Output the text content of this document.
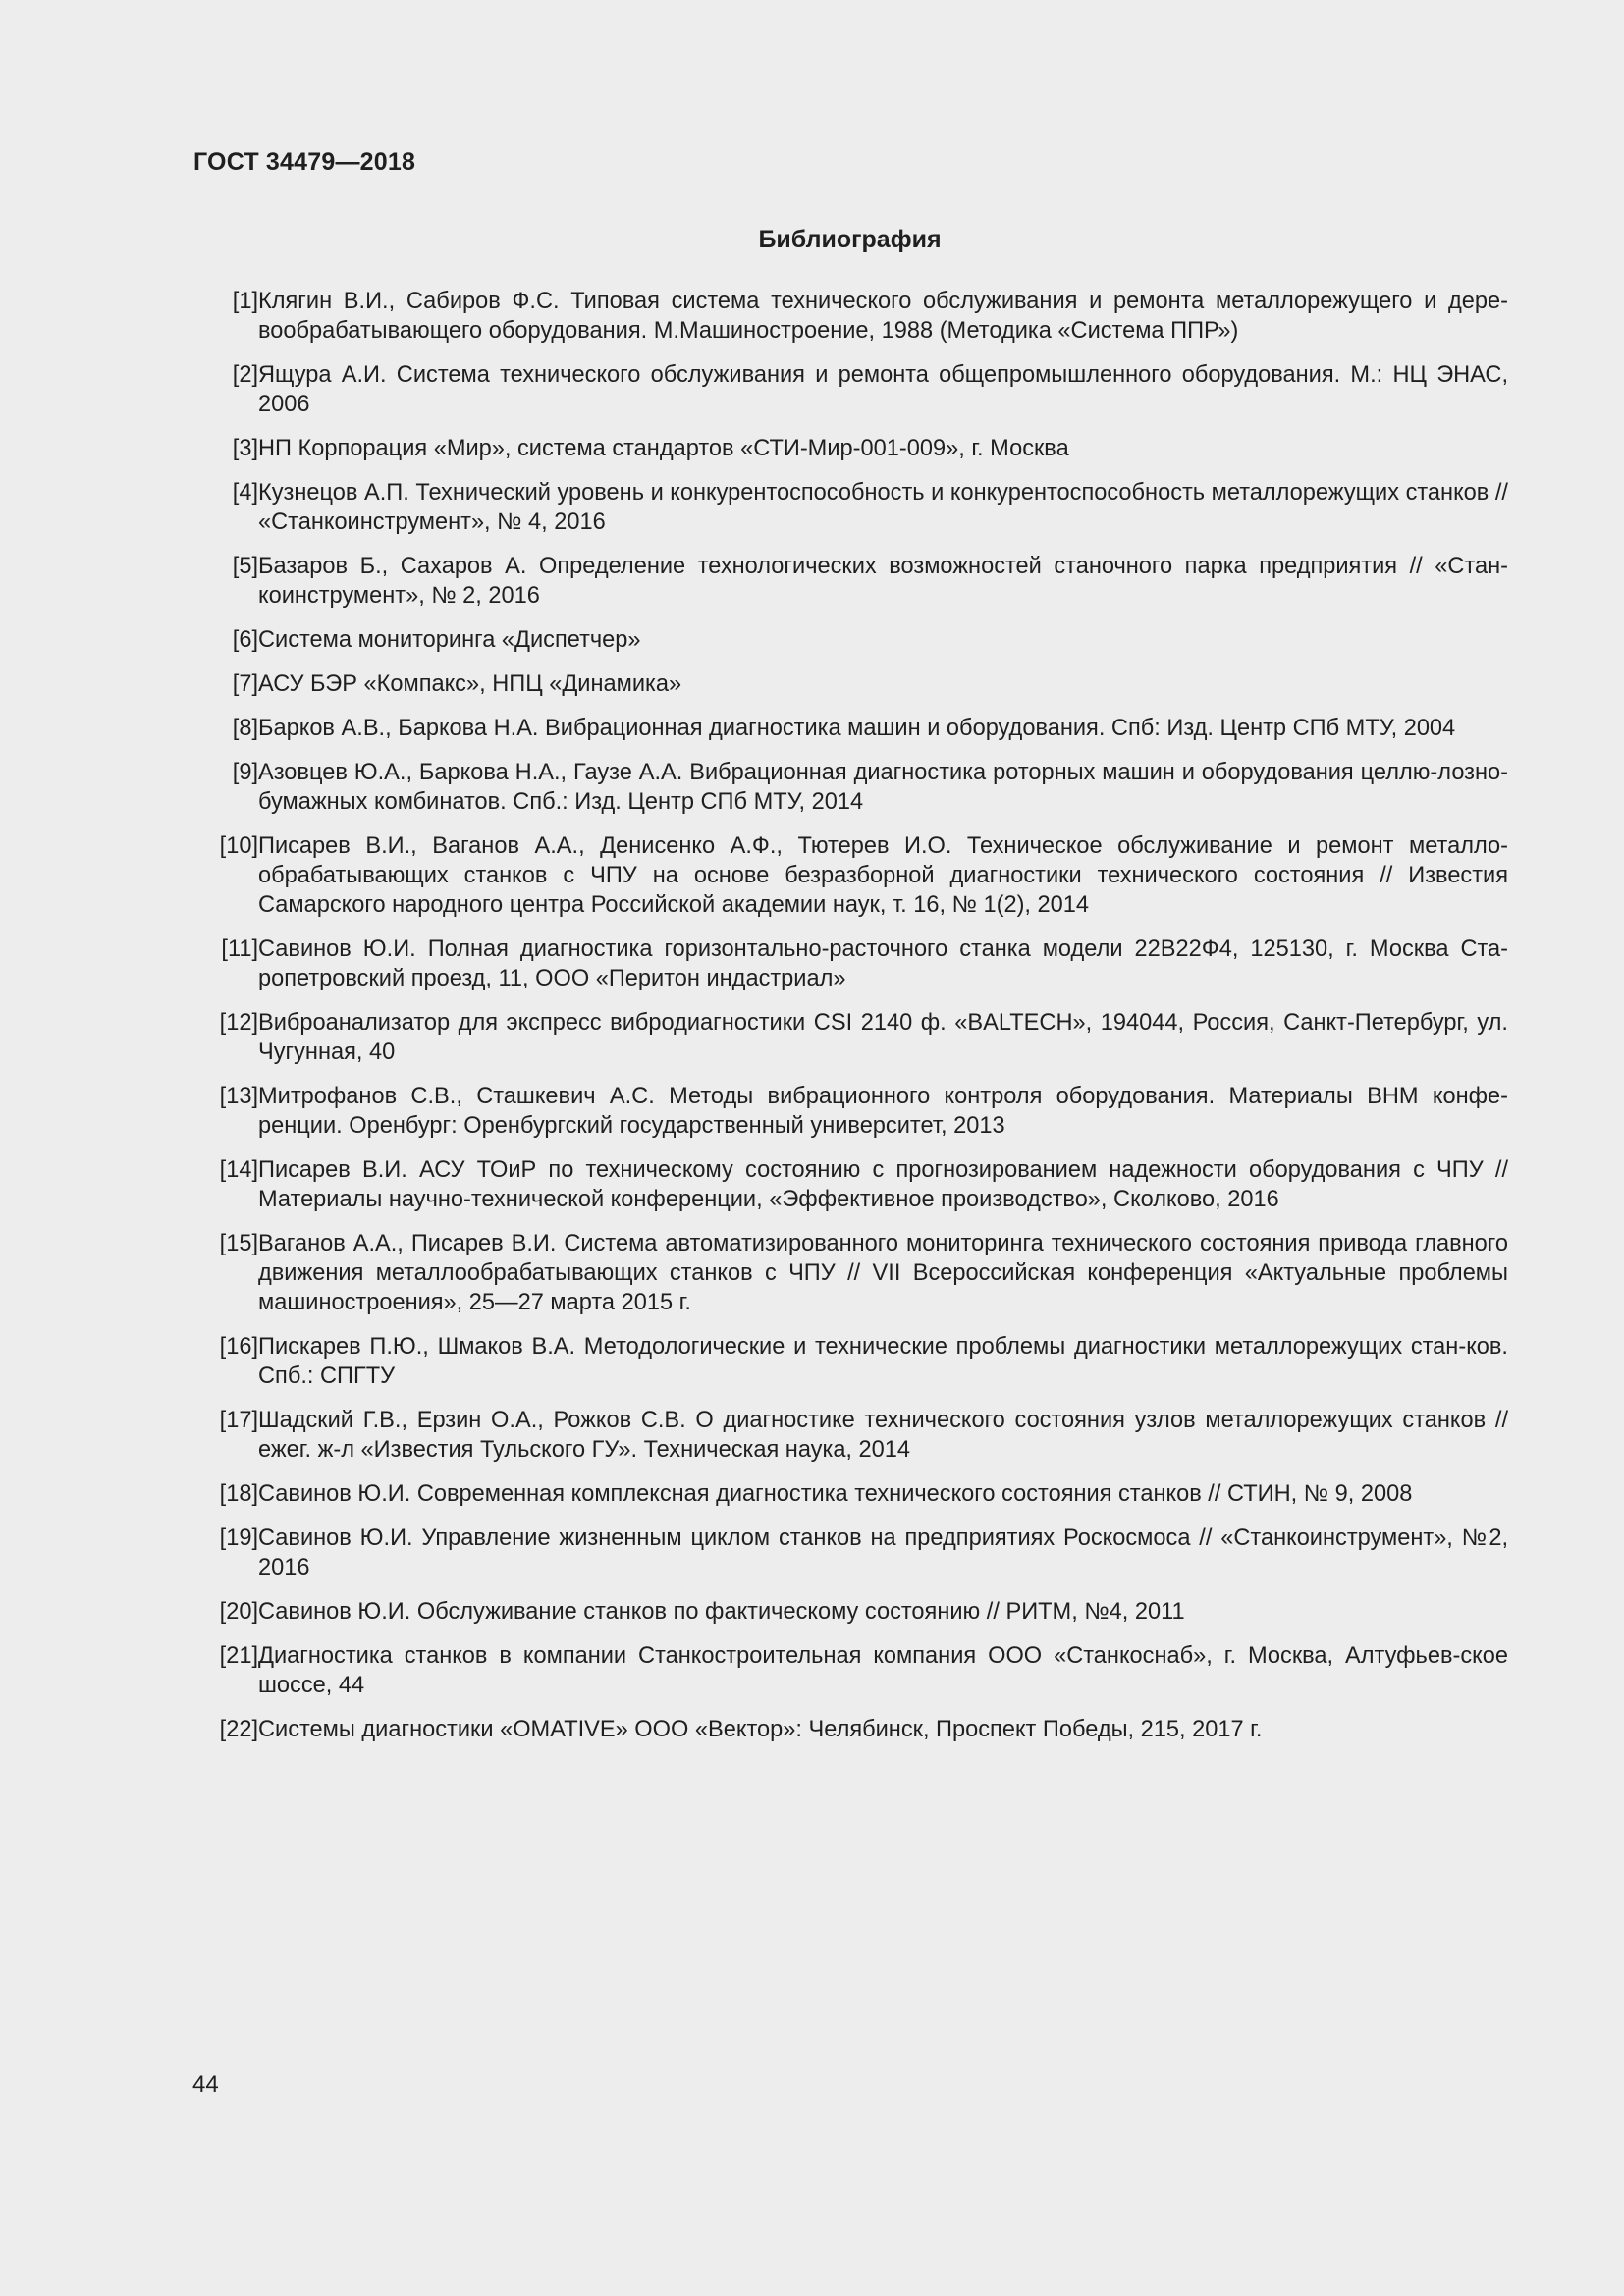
ГОСТ 34479—2018
Библиография
[1] Клягин В.И., Сабиров Ф.С. Типовая система технического обслуживания и ремонта металлорежущего и дере-вообрабатывающего оборудования. М.Машиностроение, 1988 (Методика «Система ППР»)
[2] Ящура А.И. Система технического обслуживания и ремонта общепромышленного оборудования. М.: НЦ ЭНАС, 2006
[3] НП Корпорация «Мир», система стандартов «СТИ-Мир-001-009», г. Москва
[4] Кузнецов А.П. Технический уровень и конкурентоспособность и конкурентоспособность металлорежущих станков // «Станкоинструмент», № 4, 2016
[5] Базаров Б., Сахаров А. Определение технологических возможностей станочного парка предприятия // «Стан-коинструмент», № 2, 2016
[6] Система мониторинга «Диспетчер»
[7] АСУ БЭР «Компакс», НПЦ «Динамика»
[8] Барков А.В., Баркова Н.А. Вибрационная диагностика машин и оборудования. Спб: Изд. Центр СПб МТУ, 2004
[9] Азовцев Ю.А., Баркова Н.А., Гаузе А.А. Вибрационная диагностика роторных машин и оборудования целлю-лозно-бумажных комбинатов. Спб.: Изд. Центр СПб МТУ, 2014
[10] Писарев В.И., Ваганов А.А., Денисенко А.Ф., Тютерев И.О. Техническое обслуживание и ремонт металло-обрабатывающих станков с ЧПУ на основе безразборной диагностики технического состояния // Известия Самарского народного центра Российской академии наук, т. 16, № 1(2), 2014
[11] Савинов Ю.И. Полная диагностика горизонтально-расточного станка модели 22В22Ф4, 125130, г. Москва Ста-ропетровский проезд, 11, ООО «Перитон индастриал»
[12] Виброанализатор для экспресс вибродиагностики CSI 2140 ф. «BALTECH», 194044, Россия, Санкт-Петербург, ул. Чугунная, 40
[13] Митрофанов С.В., Сташкевич А.С. Методы вибрационного контроля оборудования. Материалы ВНМ конфе-ренции. Оренбург: Оренбургский государственный университет, 2013
[14] Писарев В.И. АСУ ТОиР по техническому состоянию с прогнозированием надежности оборудования с ЧПУ // Материалы научно-технической конференции, «Эффективное производство», Сколково, 2016
[15] Ваганов А.А., Писарев В.И. Система автоматизированного мониторинга технического состояния привода главного движения металлообрабатывающих станков с ЧПУ // VII Всероссийская конференция «Актуальные проблемы машиностроения», 25—27 марта 2015 г.
[16] Пискарев П.Ю., Шмаков В.А. Методологические и технические проблемы диагностики металлорежущих стан-ков. Спб.: СПГТУ
[17] Шадский Г.В., Ерзин О.А., Рожков С.В. О диагностике технического состояния узлов металлорежущих станков // ежег. ж-л «Известия Тульского ГУ». Техническая наука, 2014
[18] Савинов Ю.И. Современная комплексная диагностика технического состояния станков // СТИН, № 9, 2008
[19] Савинов Ю.И. Управление жизненным циклом станков на предприятиях Роскосмоса // «Станкоинструмент», №2, 2016
[20] Савинов Ю.И. Обслуживание станков по фактическому состоянию // РИТМ, №4, 2011
[21] Диагностика станков в компании Станкостроительная компания ООО «Станкоснаб», г. Москва, Алтуфьев-ское шоссе, 44
[22] Системы диагностики «OMATIVE» ООО «Вектор»: Челябинск, Проспект Победы, 215, 2017 г.
44
